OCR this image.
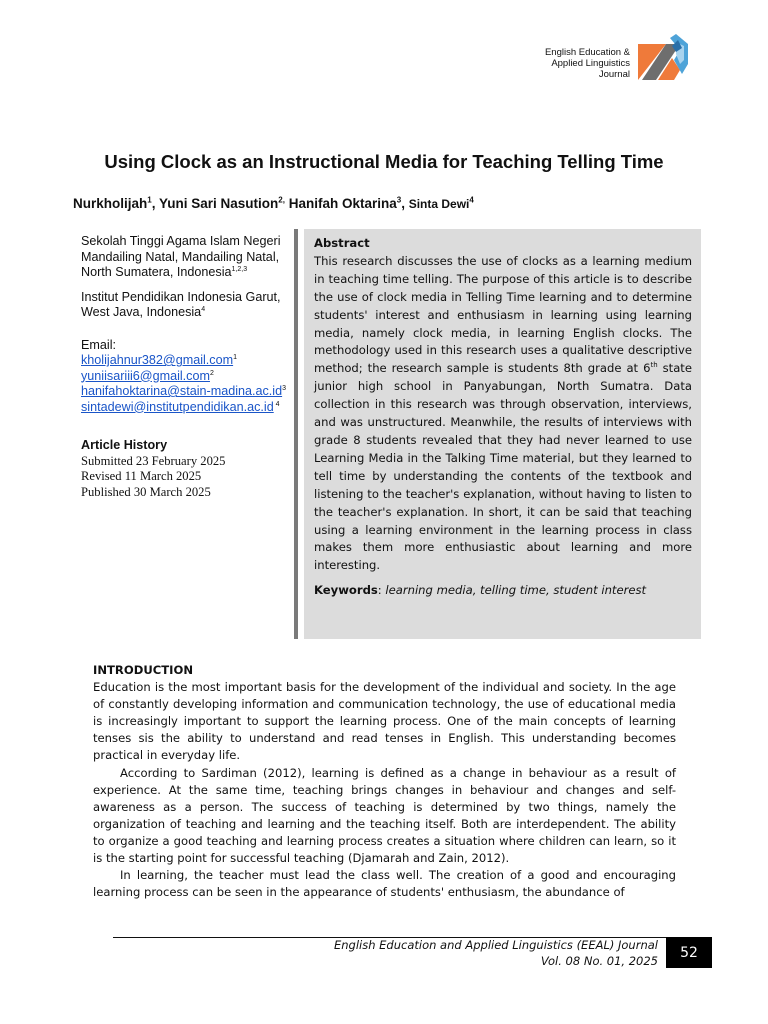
English Education &
Applied Linguistics
Journal
Using Clock as an Instructional Media for Teaching Telling Time
Nurkholijah$^1$, Yuni Sari Nasution$^{2,}$ Hanifah Oktarina$^3$, Sinta Dewi$^4$

Sekolah Tinggi Agama Islam Negeri Mandailing Natal, Mandailing Natal, North Sumatera, Indonesia$^{1,2,3}$

Institut Pendidikan Indonesia Garut, West Java, Indonesia$^4$

Email:

kholijahnur382@gmail.com$^1$

yuniisariii6@gmail.com$^2$

$hanifahoktarina@stain-madina.ac.id^3$

sintadewi@institutpendidikan.ac.id $^4$

Article History

Submitted 23 February 2025
Revised 11 March 2025
Published 30 March 2025

Abstract

This research discusses the use of clocks as a learning medium in teaching time telling. The purpose of this article is to describe the use of clock media in Telling Time learning and to determine students' interest and enthusiasm in learning using learning media, namely clock media, in learning English clocks. The methodology used in this research uses a qualitative descriptive method; the research sample is students 8th grade at 6th state junior high school in Panyabungan, North Sumatra. Data collection in this research was through observation, interviews, and was unstructured. Meanwhile, the results of interviews with grade 8 students revealed that they had never learned to use Learning Media in the Talking Time material, but they learned to tell time by understanding the contents of the textbook and listening to the teacher's explanation, without having to listen to the teacher's explanation. In short, it can be said that teaching using a learning environment in the learning process in class makes them more enthusiastic about learning and more interesting.

Keywords: learning media, telling time, student interest

INTRODUCTION

Education is the most important basis for the development of the individual and society. In the age of constantly developing information and communication technology, the use of educational media is increasingly important to support the learning process. One of the main concepts of learning tenses sis the ability to understand and read tenses in English. This understanding becomes practical in everyday life.

According to Sardiman (2012), learning is defined as a change in behaviour as a result of experience. At the same time, teaching brings changes in behaviour and changes and self-awareness as a person. The success of teaching is determined by two things, namely the organization of teaching and learning and the teaching itself. Both are interdependent. The ability to organize a good teaching and learning process creates a situation where children can learn, so it is the starting point for successful teaching (Djamarah and Zain, 2012).

In learning, the teacher must lead the class well. The creation of a good and encouraging learning process can be seen in the appearance of students' enthusiasm, the abundance of

English Education and Applied Linguistics (EEAL) Journal
Vol. 08 No. 01, 2025
52
